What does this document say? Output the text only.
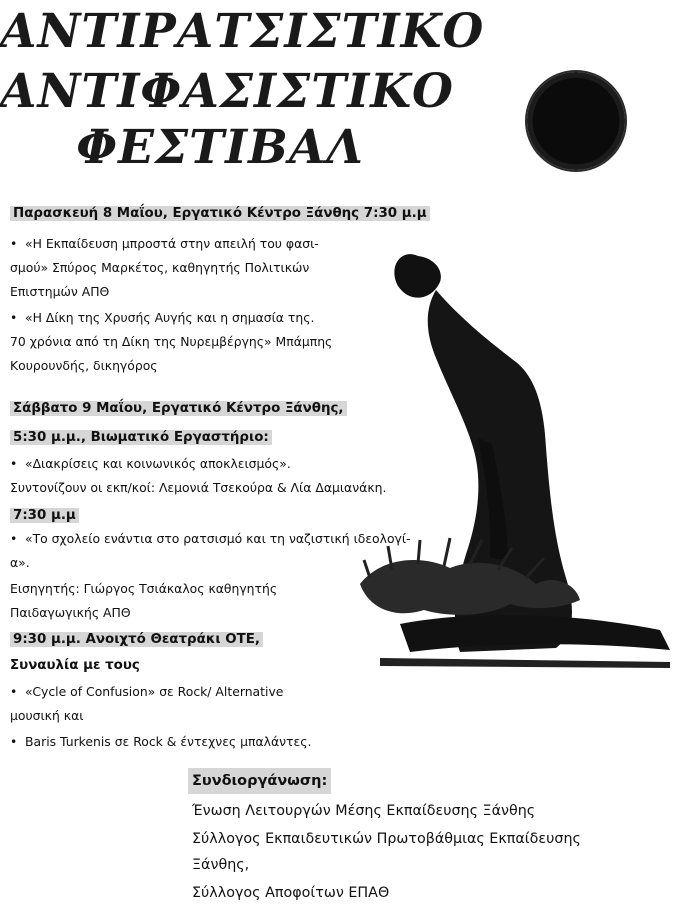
ΑΝΤΙΡΑΤΣΙΣΤΙΚΟ
ΑΝΤΙΦΑΣΙΣΤΙΚΟ
ΦΕΣΤΙΒΑΛ
Παρασκευή 8 Μαΐου, Εργατικό Κέντρο Ξάνθης 7:30 μ.μ
• «Η Εκπαίδευση μπροστά στην απειλή του φασι-
σμού» Σπύρος Μαρκέτος, καθηγητής Πολιτικών
Επιστημών ΑΠΘ
• «Η Δίκη της Χρυσής Αυγής και η σημασία της.
70 χρόνια από τη Δίκη της Νυρεμβέργης» Μπάμπης
Κουρουνδής, δικηγόρος
Σάββατο 9 Μαΐου, Εργατικό Κέντρο Ξάνθης,
5:30 μ.μ., Βιωματικό Εργαστήριο:
• «Διακρίσεις και κοινωνικός αποκλεισμός».
Συντονίζουν οι εκπ/κοί: Λεμονιά Τσεκούρα & Λία Δαμιανάκη.
7:30 μ.μ
• «Το σχολείο ενάντια στο ρατσισμό και τη ναζιστική ιδεολογί-
α».
Εισηγητής: Γιώργος Τσιάκαλος καθηγητής
Παιδαγωγικής ΑΠΘ
9:30 μ.μ. Ανοιχτό Θεατράκι ΟΤΕ,
Συναυλία με τους
• «Cycle of Confusion» σε Rock/ Alternative
μουσική και
• Baris Turkenis σε Rock & έντεχνες μπαλάντες.
Συνδιοργάνωση:
Ένωση Λειτουργών Μέσης Εκπαίδευσης Ξάνθης
Σύλλογος Εκπαιδευτικών Πρωτοβάθμιας Εκπαίδευσης
Ξάνθης,
Σύλλογος Αποφοίτων ΕΠΑΘ
